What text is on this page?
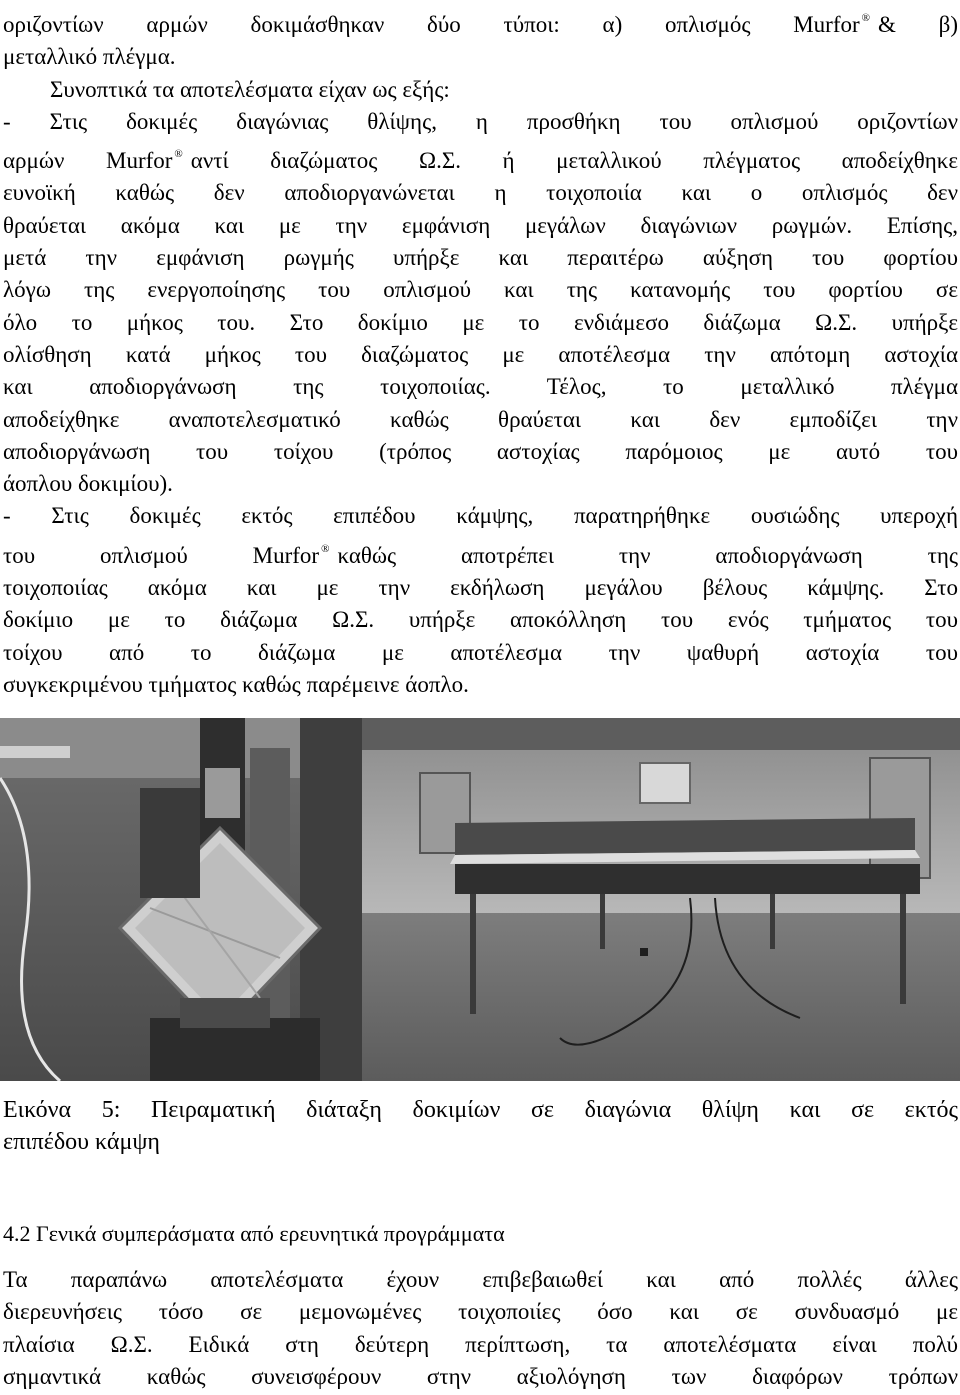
οριζοντίων αρμών δοκιμάσθηκαν δύο τύποι: α) οπλισμός Murfor ® & β)
μεταλλικό πλέγμα.
Συνοπτικά τα αποτελέσματα είχαν ως εξής:
- Στις δοκιμές διαγώνιας θλίψης, η προσθήκη του οπλισμού οριζοντίων
αρμών Murfor ® αντί διαζώματος Ω.Σ. ή μεταλλικού πλέγματος αποδείχθηκε
ευνοϊκή καθώς δεν αποδιοργανώνεται η τοιχοποιία και ο οπλισμός δεν
θραύεται ακόμα και με την εμφάνιση μεγάλων διαγώνιων ρωγμών. Επίσης,
μετά την εμφάνιση ρωγμής υπήρξε και περαιτέρω αύξηση του φορτίου
λόγω της ενεργοποίησης του οπλισμού και της κατανομής του φορτίου σε
όλο το μήκος του. Στο δοκίμιο με το ενδιάμεσο διάζωμα Ω.Σ. υπήρξε
ολίσθηση κατά μήκος του διαζώματος με αποτέλεσμα την απότομη αστοχία
και αποδιοργάνωση της τοιχοποιίας. Τέλος, το μεταλλικό πλέγμα
αποδείχθηκε αναποτελεσματικό καθώς θραύεται και δεν εμποδίζει την
αποδιοργάνωση του τοίχου (τρόπος αστοχίας παρόμοιος με αυτό του
άοπλου δοκιμίου).
- Στις δοκιμές εκτός επιπέδου κάμψης, παρατηρήθηκε ουσιώδης υπεροχή
του οπλισμού Murfor ® καθώς αποτρέπει την αποδιοργάνωση της
τοιχοποιίας ακόμα και με την εκδήλωση μεγάλου βέλους κάμψης. Στο
δοκίμιο με το διάζωμα Ω.Σ. υπήρξε αποκόλληση του ενός τμήματος του
τοίχου από το διάζωμα με αποτέλεσμα την ψαθυρή αστοχία του
συγκεκριμένου τμήματος καθώς παρέμεινε άοπλο.
Εικόνα 5: Πειραματική διάταξη δοκιμίων σε διαγώνια θλίψη και σε εκτός
επιπέδου κάμψη
4.2 Γενικά συμπεράσματα από ερευνητικά προγράμματα
Τα παραπάνω αποτελέσματα έχουν επιβεβαιωθεί και από πολλές άλλες
διερευνήσεις τόσο σε μεμονωμένες τοιχοποιίες όσο και σε συνδυασμό με
πλαίσια Ω.Σ. Ειδικά στη δεύτερη περίπτωση, τα αποτελέσματα είναι πολύ
σημαντικά καθώς συνεισφέρουν στην αξιολόγηση των διαφόρων τρόπων
